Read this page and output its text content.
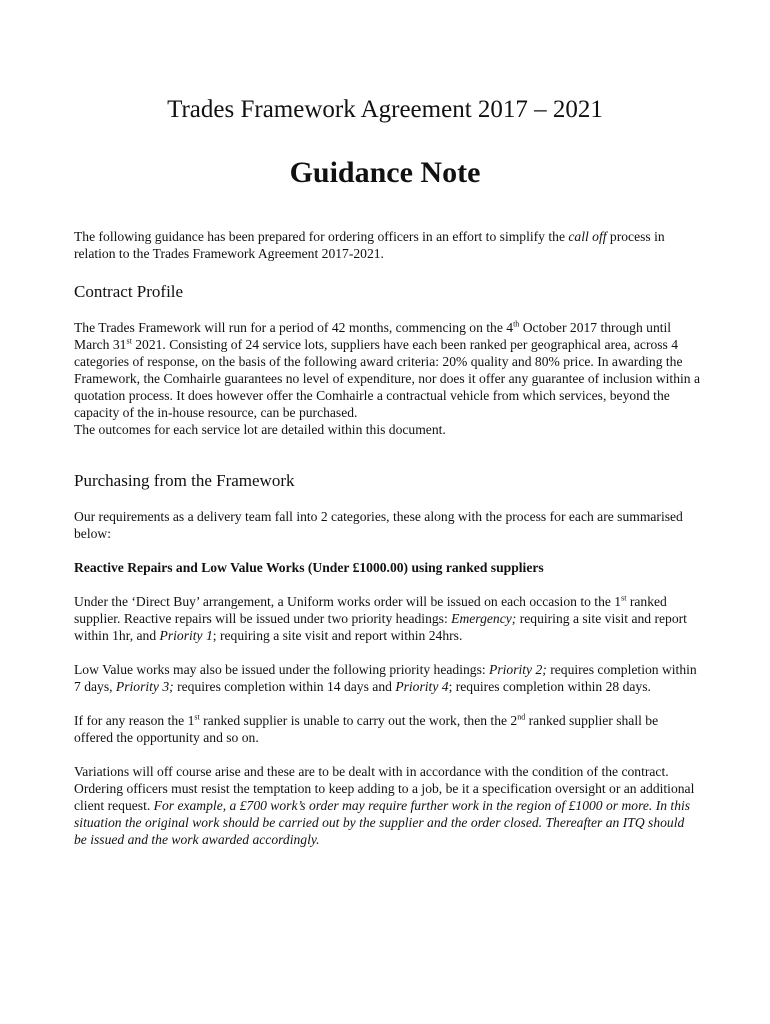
Trades Framework Agreement 2017 – 2021
Guidance Note

The following guidance has been prepared for ordering officers in an effort to simplify the call off process in relation to the Trades Framework Agreement 2017-2021.

Contract Profile

The Trades Framework will run for a period of 42 months, commencing on the 4th October 2017 through until March 31st 2021. Consisting of 24 service lots, suppliers have each been ranked per geographical area, across 4 categories of response, on the basis of the following award criteria: 20% quality and 80% price. In awarding the Framework, the Comhairle guarantees no level of expenditure, nor does it offer any guarantee of inclusion within a quotation process. It does however offer the Comhairle a contractual vehicle from which services, beyond the capacity of the in-house resource, can be purchased.

The outcomes for each service lot are detailed within this document.

Purchasing from the Framework

Our requirements as a delivery team fall into 2 categories, these along with the process for each are summarised below:

Reactive Repairs and Low Value Works (Under £1000.00) using ranked suppliers

Under the ‘Direct Buy’ arrangement, a Uniform works order will be issued on each occasion to the 1st ranked supplier. Reactive repairs will be issued under two priority headings: Emergency; requiring a site visit and report within 1hr, and Priority 1; requiring a site visit and report within 24hrs.

Low Value works may also be issued under the following priority headings: Priority 2; requires completion within 7 days, Priority 3; requires completion within 14 days and Priority 4; requires completion within 28 days.

If for any reason the 1st ranked supplier is unable to carry out the work, then the 2nd ranked supplier shall be offered the opportunity and so on.

Variations will off course arise and these are to be dealt with in accordance with the condition of the contract. Ordering officers must resist the temptation to keep adding to a job, be it a specification oversight or an additional client request. For example, a £700 work’s order may require further work in the region of £1000 or more. In this situation the original work should be carried out by the supplier and the order closed. Thereafter an ITQ should be issued and the work awarded accordingly.
